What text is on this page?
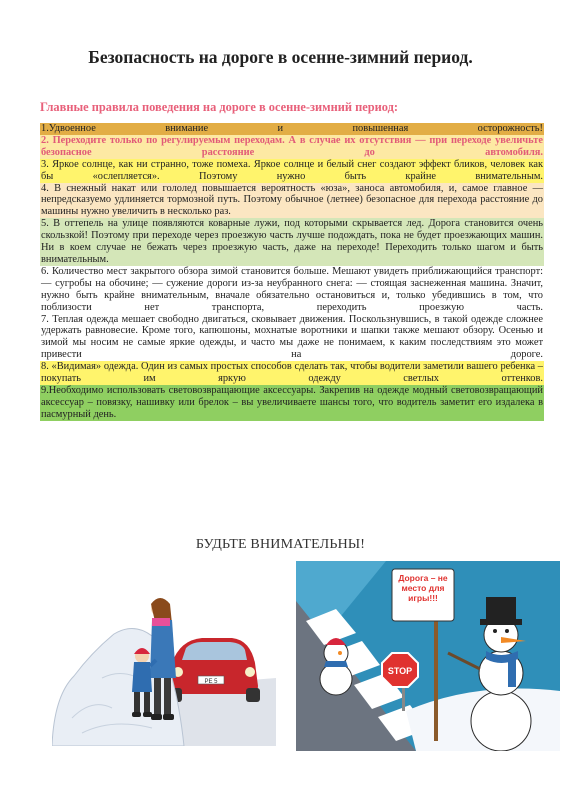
Безопасность на дороге в осенне-зимний период.
Главные правила поведения на дороге в осенне-зимний период:
1.Удвоенное внимание и повышенная осторожность!
2. Переходите только по регулируемым переходам. А в случае их отсутствия — при переходе увеличьте безопасное расстояние до автомобиля.
3. Яркое солнце, как ни странно, тоже помеха. Яркое солнце и белый снег создают эффект бликов, человек как бы «ослепляется». Поэтому нужно быть крайне внимательным.
4. В снежный накат или гололед повышается вероятность «юза», заноса автомобиля, и, самое главное — непредсказуемо удлиняется тормозной путь. Поэтому обычное (летнее) безопасное для перехода расстояние до машины нужно увеличить в несколько раз.
5. В оттепель на улице появляются коварные лужи, под которыми скрывается лед. Дорога становится очень скользкой! Поэтому при переходе через проезжую часть лучше подождать, пока не будет проезжающих машин. Ни в коем случае не бежать через проезжую часть, даже на переходе! Переходить только шагом и быть внимательным.
6. Количество мест закрытого обзора зимой становится больше. Мешают увидеть приближающийся транспорт: — сугробы на обочине; — сужение дороги из-за неубранного снега: — стоящая заснеженная машина. Значит, нужно быть крайне внимательным, вначале обязательно остановиться и, только убедившись в том, что поблизости нет транспорта, переходить проезжую часть.
7. Теплая одежда мешает свободно двигаться, сковывает движения. Поскользнувшись, в такой одежде сложнее удержать равновесие. Кроме того, капюшоны, мохнатые воротники и шапки также мешают обзору. Осенью и зимой мы носим не самые яркие одежды, и часто мы даже не понимаем, к каким последствиям это может привести на дороге.
8. «Видимая» одежда. Один из самых простых способов сделать так, чтобы водители заметили вашего ребенка – покупать им яркую одежду светлых оттенков.
9.Необходимо использовать световозвращающие аксессуары. Закрепив на одежде модный световозвращающий аксессуар – повязку, нашивку или брелок – вы увеличиваете шансы того, что водитель заметит его издалека в пасмурный день.
БУДЬТЕ ВНИМАТЕЛЬНЫ!
РЕ 5
Дорога – не место для игры!!!
STOP
